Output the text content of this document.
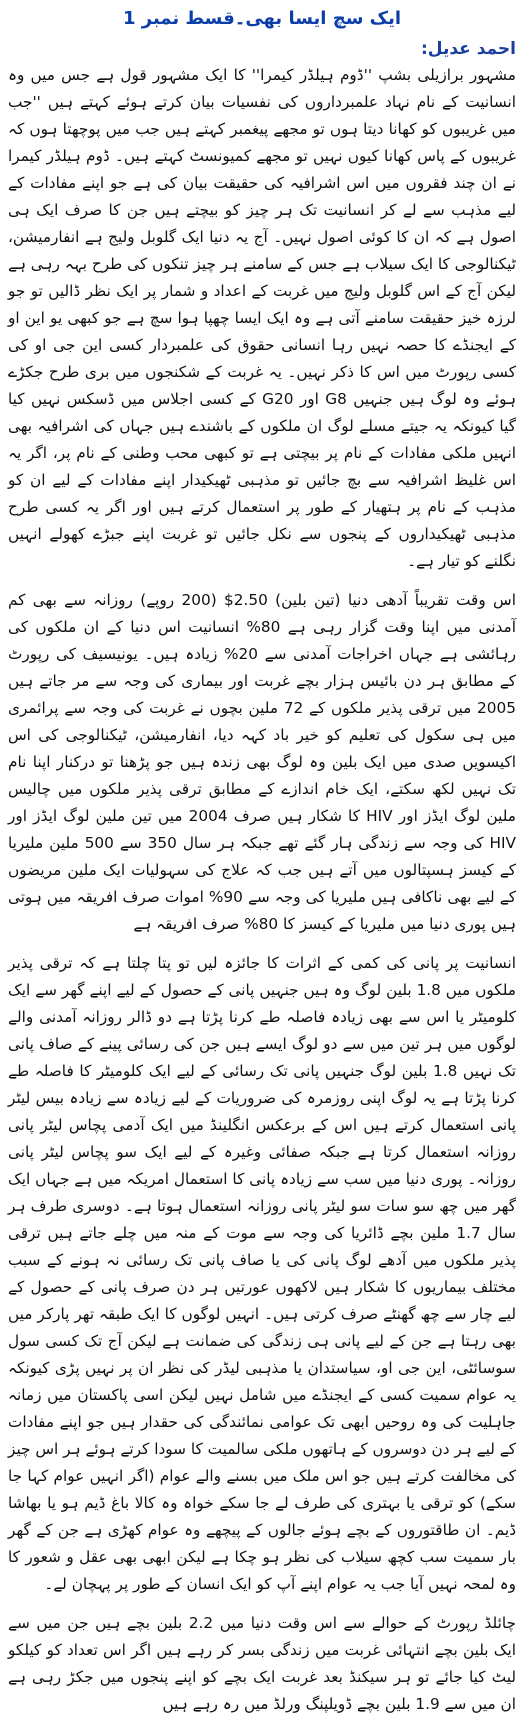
ایک سچ ایسا بھی۔قسط نمبر 1
احمد عدیل:

مشہور برازیلی بشپ ''ڈوم ہیلڈر کیمرا'' کا ایک مشہور قول ہے جس میں وہ انسانیت کے نام نہاد علمبرداروں کی نفسیات بیان کرتے ہوئے کہتے ہیں ''جب میں غریبوں کو کھانا دیتا ہوں تو مجھے پیغمبر کہتے ہیں جب میں پوچھتا ہوں کہ غریبوں کے پاس کھانا کیوں نہیں تو مجھے کمیونسٹ کہتے ہیں۔ ڈوم ہیلڈر کیمرا نے ان چند فقروں میں اس اشرافیہ کی حقیقت بیان کی ہے جو اپنے مفادات کے لیے مذہب سے لے کر انسانیت تک ہر چیز کو بیچتے ہیں جن کا صرف ایک ہی اصول ہے کہ ان کا کوئی اصول نہیں۔ آج یہ دنیا ایک گلوبل ولیج ہے انفارمیشن، ٹیکنالوجی کا ایک سیلاب ہے جس کے سامنے ہر چیز تنکوں کی طرح بہہ رہی ہے لیکن آج کے اس گلوبل ولیج میں غربت کے اعداد و شمار پر ایک نظر ڈالیں تو جو لرزہ خیز حقیقت سامنے آتی ہے وہ ایک ایسا چھپا ہوا سچ ہے جو کبھی یو این او کے ایجنڈے کا حصہ نہیں رہا انسانی حقوق کی علمبردار کسی این جی او کی کسی رپورٹ میں اس کا ذکر نہیں۔ یہ غربت کے شکنجوں میں بری طرح جکڑے ہوئے وہ لوگ ہیں جنہیں G8 اور G20 کے کسی اجلاس میں ڈسکس نہیں کیا گیا کیونکہ یہ جیتے مسلے لوگ ان ملکوں کے باشندے ہیں جہاں کی اشرافیہ بھی انہیں ملکی مفادات کے نام پر بیچتی ہے تو کبھی محب وطنی کے نام پر، اگر یہ اس غلیظ اشرافیہ سے بچ جائیں تو مذہبی ٹھیکیدار اپنے مفادات کے لیے ان کو مذہب کے نام پر ہتھیار کے طور پر استعمال کرتے ہیں اور اگر یہ کسی طرح مذہبی ٹھیکیداروں کے پنجوں سے نکل جائیں تو غربت اپنے جبڑے کھولے انہیں نگلنے کو تیار ہے۔

اس وقت تقریباً آدھی دنیا (تین بلین) 2.50$ (200 روپے) روزانہ سے بھی کم آمدنی میں اپنا وقت گزار رہی ہے 80% انسانیت اس دنیا کے ان ملکوں کی رہائشی ہے جہاں اخراجات آمدنی سے 20% زیادہ ہیں۔ یونیسیف کی رپورٹ کے مطابق ہر دن بائیس ہزار بچے غربت اور بیماری کی وجہ سے مر جاتے ہیں 2005 میں ترقی پذیر ملکوں کے 72 ملین بچوں نے غربت کی وجہ سے پرائمری میں ہی سکول کی تعلیم کو خیر باد کہہ دیا، انفارمیشن، ٹیکنالوجی کی اس اکیسویں صدی میں ایک بلین وہ لوگ بھی زندہ ہیں جو پڑھنا تو درکنار اپنا نام تک نہیں لکھ سکتے، ایک خام اندازے کے مطابق ترقی پذیر ملکوں میں چالیس ملین لوگ ایڈز اور HIV کا شکار ہیں صرف 2004 میں تین ملین لوگ ایڈز اور HIV کی وجہ سے زندگی ہار گئے تھے جبکہ ہر سال 350 سے 500 ملین ملیریا کے کیسز ہسپتالوں میں آتے ہیں جب کہ علاج کی سہولیات ایک ملین مریضوں کے لیے بھی ناکافی ہیں ملیریا کی وجہ سے 90% اموات صرف افریقہ میں ہوتی ہیں پوری دنیا میں ملیریا کے کیسز کا 80% صرف افریقہ ہے

انسانیت پر پانی کی کمی کے اثرات کا جائزہ لیں تو پتا چلتا ہے کہ ترقی پذیر ملکوں میں 1.8 بلین لوگ وہ ہیں جنہیں پانی کے حصول کے لیے اپنے گھر سے ایک کلومیٹر یا اس سے بھی زیادہ فاصلہ طے کرنا پڑتا ہے دو ڈالر روزانہ آمدنی والے لوگوں میں ہر تین میں سے دو لوگ ایسے ہیں جن کی رسائی پینے کے صاف پانی تک نہیں 1.8 بلین لوگ جنہیں پانی تک رسائی کے لیے ایک کلومیٹر کا فاصلہ طے کرنا پڑتا ہے یہ لوگ اپنی روزمرہ کی ضروریات کے لیے زیادہ سے زیادہ بیس لیٹر پانی استعمال کرتے ہیں اس کے برعکس انگلینڈ میں ایک آدمی پچاس لیٹر پانی روزانہ استعمال کرتا ہے جبکہ صفائی وغیرہ کے لیے ایک سو پچاس لیٹر پانی روزانہ۔ پوری دنیا میں سب سے زیادہ پانی کا استعمال امریکہ میں ہے جہاں ایک گھر میں چھ سو سات سو لیٹر پانی روزانہ استعمال ہوتا ہے۔ دوسری طرف ہر سال 1.7 ملین بچے ڈائریا کی وجہ سے موت کے منہ میں چلے جاتے ہیں ترقی پذیر ملکوں میں آدھے لوگ پانی کی یا صاف پانی تک رسائی نہ ہونے کے سبب مختلف بیماریوں کا شکار ہیں لاکھوں عورتیں ہر دن صرف پانی کے حصول کے لیے چار سے چھ گھنٹے صرف کرتی ہیں۔ انہیں لوگوں کا ایک طبقہ تھر پارکر میں بھی رہتا ہے جن کے لیے پانی ہی زندگی کی ضمانت ہے لیکن آج تک کسی سول سوسائٹی، این جی او، سیاستدان یا مذہبی لیڈر کی نظر ان پر نہیں پڑی کیونکہ یہ عوام سمیت کسی کے ایجنڈے میں شامل نہیں لیکن اسی پاکستان میں زمانہ جاہلیت کی وہ روحیں ابھی تک عوامی نمائندگی کی حقدار ہیں جو اپنے مفادات کے لیے ہر دن دوسروں کے ہاتھوں ملکی سالمیت کا سودا کرتے ہوئے ہر اس چیز کی مخالفت کرتے ہیں جو اس ملک میں بسنے والے عوام (اگر انہیں عوام کہا جا سکے) کو ترقی یا بہتری کی طرف لے جا سکے خواہ وہ کالا باغ ڈیم ہو یا بھاشا ڈیم۔ ان طاقتوروں کے بچے ہوئے جالوں کے پیچھے وہ عوام کھڑی ہے جن کے گھر بار سمیت سب کچھ سیلاب کی نظر ہو چکا ہے لیکن ابھی بھی عقل و شعور کا وہ لمحہ نہیں آیا جب یہ عوام اپنے آپ کو ایک انسان کے طور پر پہچان لے۔

چائلڈ رپورٹ کے حوالے سے اس وقت دنیا میں 2.2 بلین بچے ہیں جن میں سے ایک بلین بچے انتہائی غربت میں زندگی بسر کر رہے ہیں اگر اس تعداد کو کیلکو لیٹ کیا جائے تو ہر سیکنڈ بعد غربت ایک بچے کو اپنے پنجوں میں جکڑ رہی ہے ان میں سے 1.9 بلین بچے ڈویلپنگ ورلڈ میں رہ رہے ہیں
